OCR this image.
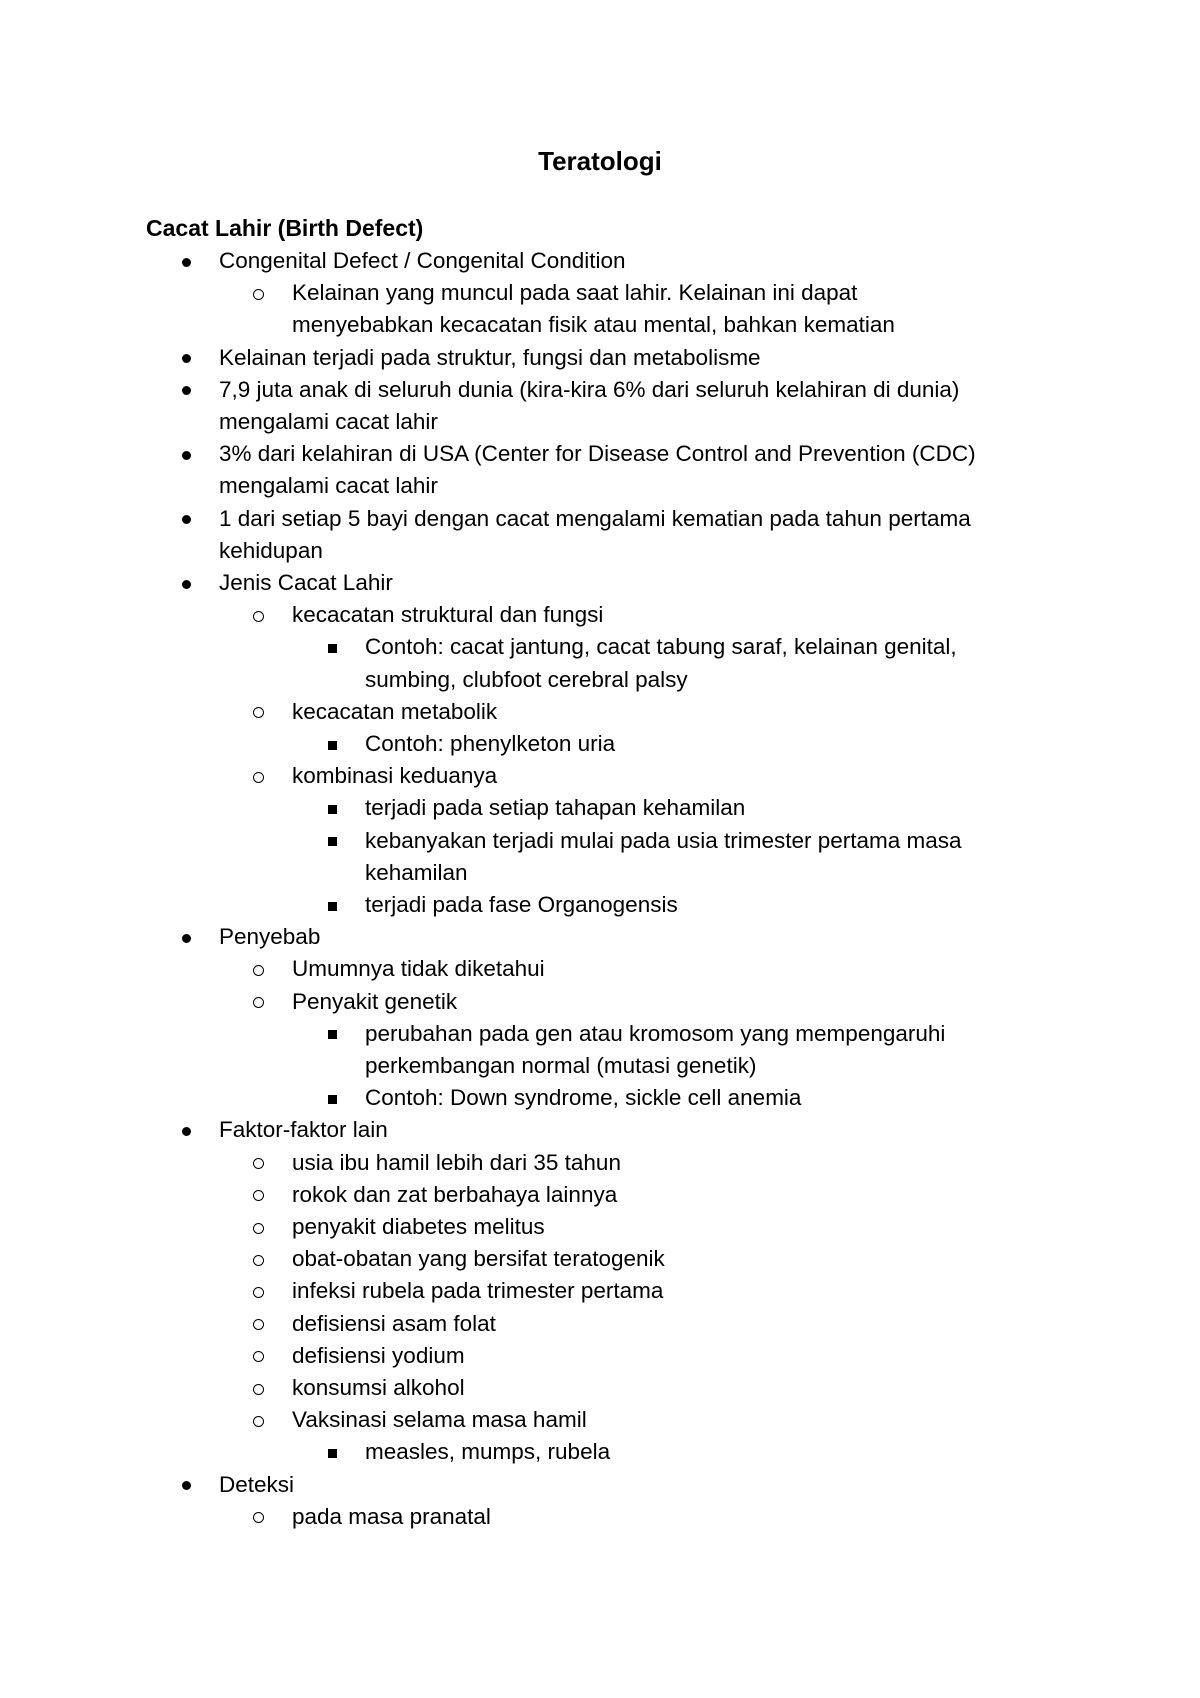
Teratologi
Cacat Lahir (Birth Defect)
Congenital Defect / Congenital Condition
Kelainan yang muncul pada saat lahir. Kelainan ini dapat
menyebabkan kecacatan fisik atau mental, bahkan kematian
Kelainan terjadi pada struktur, fungsi dan metabolisme
7,9 juta anak di seluruh dunia (kira-kira 6% dari seluruh kelahiran di dunia)
mengalami cacat lahir
3% dari kelahiran di USA (Center for Disease Control and Prevention (CDC)
mengalami cacat lahir
1 dari setiap 5 bayi dengan cacat mengalami kematian pada tahun pertama
kehidupan
Jenis Cacat Lahir
kecacatan struktural dan fungsi
Contoh: cacat jantung, cacat tabung saraf, kelainan genital,
sumbing, clubfoot cerebral palsy
kecacatan metabolik
Contoh: phenylketon uria
kombinasi keduanya
terjadi pada setiap tahapan kehamilan
kebanyakan terjadi mulai pada usia trimester pertama masa
kehamilan
terjadi pada fase Organogensis
Penyebab
Umumnya tidak diketahui
Penyakit genetik
perubahan pada gen atau kromosom yang mempengaruhi
perkembangan normal (mutasi genetik)
Contoh: Down syndrome, sickle cell anemia
Faktor-faktor lain
usia ibu hamil lebih dari 35 tahun
rokok dan zat berbahaya lainnya
penyakit diabetes melitus
obat-obatan yang bersifat teratogenik
infeksi rubela pada trimester pertama
defisiensi asam folat
defisiensi yodium
konsumsi alkohol
Vaksinasi selama masa hamil
measles, mumps, rubela
Deteksi
pada masa pranatal
